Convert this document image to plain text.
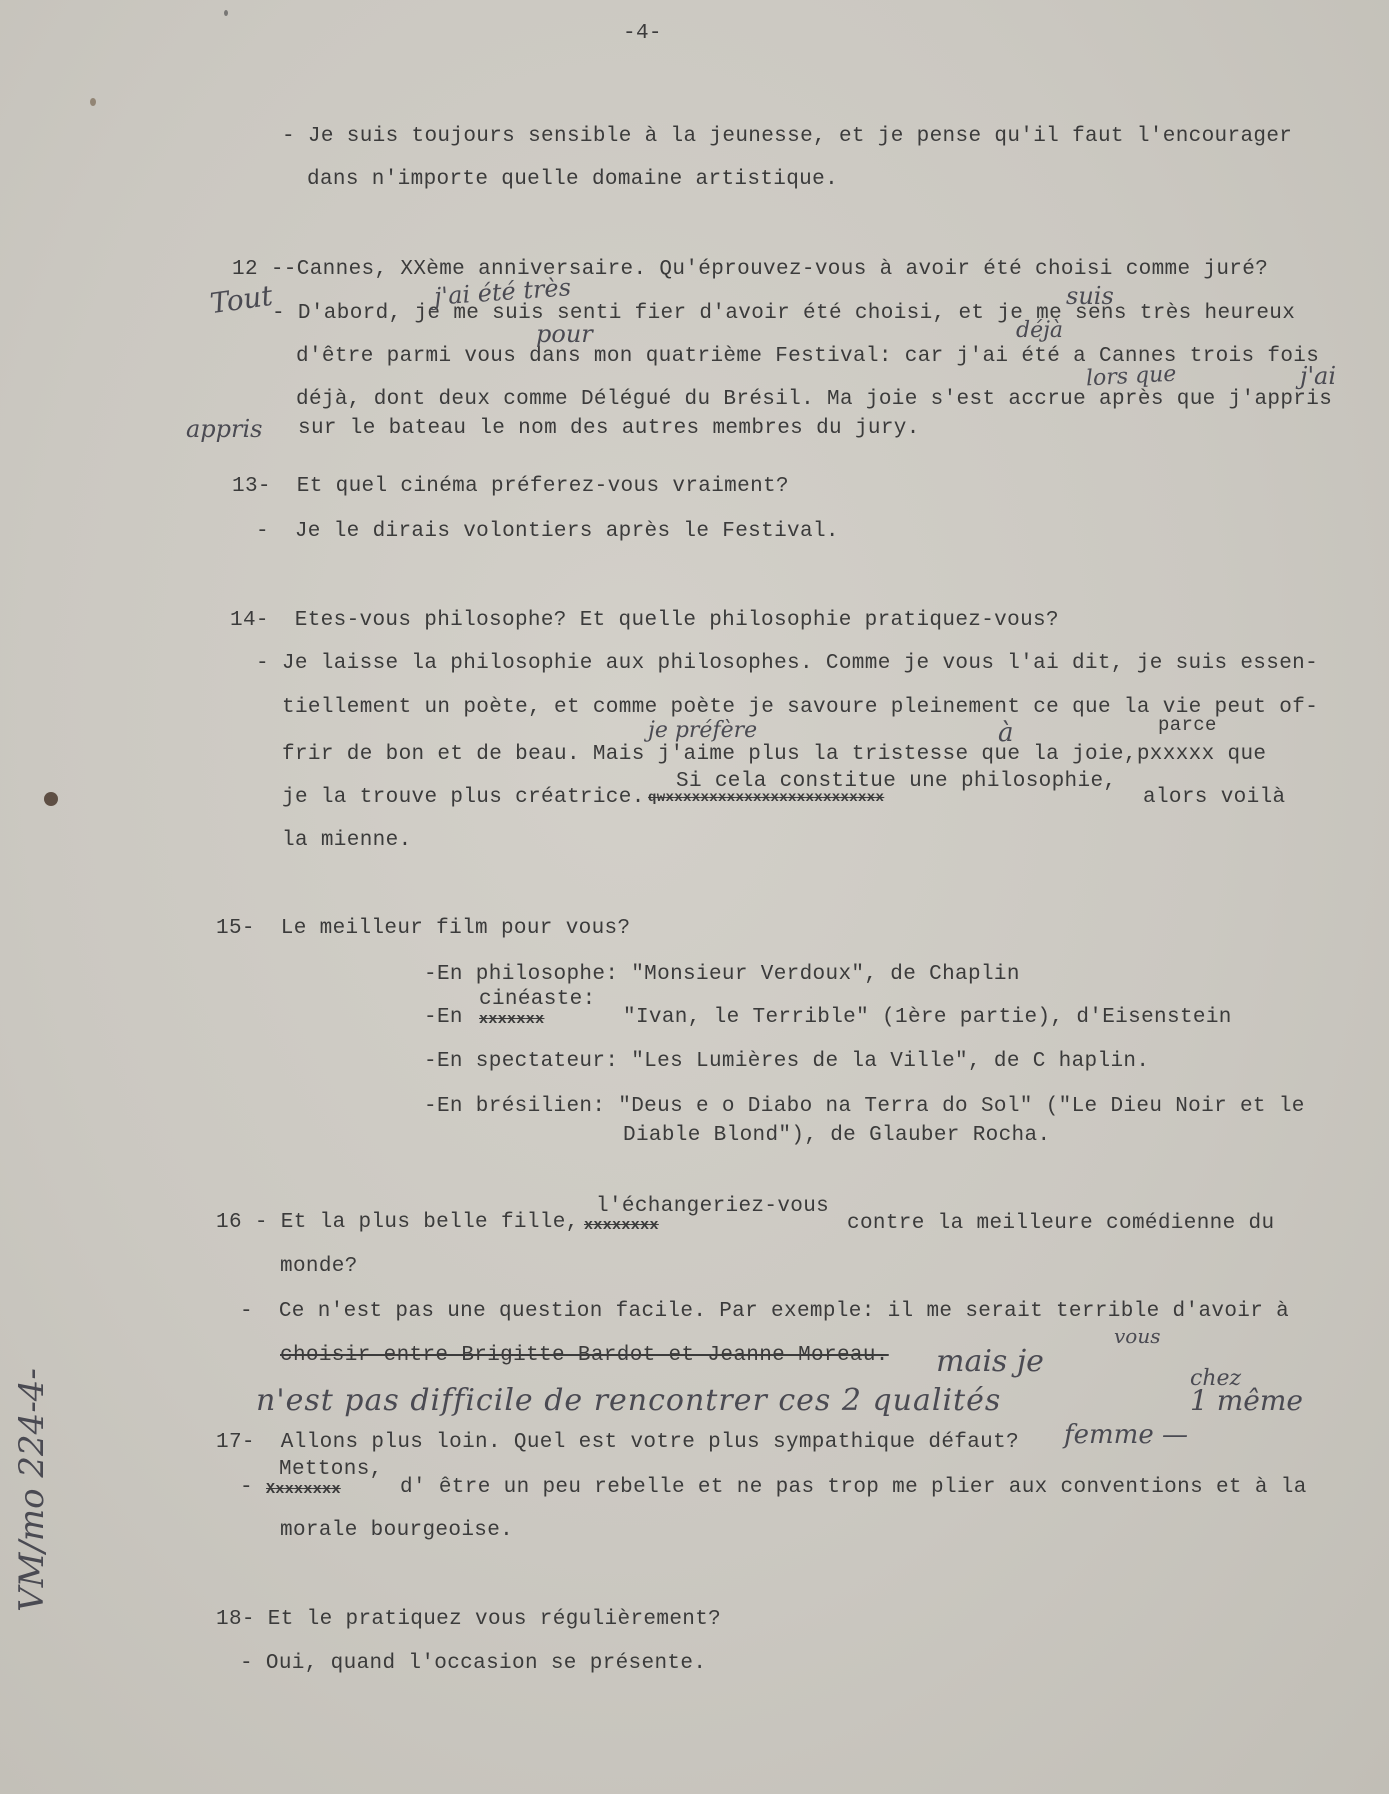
-4-
- Je suis toujours sensible à la jeunesse, et je pense qu'il faut l'encourager
dans n'importe quelle domaine artistique.
12 --Cannes, XXème anniversaire. Qu'éprouvez-vous à avoir été choisi comme juré?
- D'abord, je me suis senti fier d'avoir été choisi, et je me sens très heureux
d'être parmi vous dans mon quatrième Festival: car j'ai été a Cannes trois fois
déjà, dont deux comme Délégué du Brésil. Ma joie s'est accrue après que j'appris
sur le bateau le nom des autres membres du jury.
13-  Et quel cinéma préferez-vous vraiment?
-  Je le dirais volontiers après le Festival.
14-  Etes-vous philosophe? Et quelle philosophie pratiquez-vous?
- Je laisse la philosophie aux philosophes. Comme je vous l'ai dit, je suis essen-
tiellement un poète, et comme poète je savoure pleinement ce que la vie peut of-
parce
frir de bon et de beau. Mais j'aime plus la tristesse que la joie,pxxxxx que
Si cela constitue une philosophie,
je la trouve plus créatrice. qwxxxxxxxxxxxxxxxxxxxxxxxxx	alors voilà
la mienne.
15-  Le meilleur film pour vous?
-En philosophe: "Monsieur Verdoux", de Chaplin
cinéaste:
-En xxxxxxx	"Ivan, le Terrible" (1ère partie), d'Eisenstein
-En spectateur: "Les Lumières de la Ville", de C haplin.
-En brésilien: "Deus e o Diabo na Terra do Sol" ("Le Dieu Noir et le
Diable Blond"), de Glauber Rocha.
16 - Et la plus belle fille,
l'échangeriez-vous
xxxxxxxx	contre la meilleure comédienne du
monde?
-  Ce n'est pas une question facile. Par exemple: il me serait terrible d'avoir à
choisir entre Brigitte Bardot et Jeanne Moreau.
17-  Allons plus loin. Quel est votre plus sympathique défaut?
Mettons,
- Xxxxxxxx	d' être un peu rebelle et ne pas trop me plier aux conventions et à la
morale bourgeoise.
18- Et le pratiquez vous régulièrement?
- Oui, quand l'occasion se présente.
Tout	j'ai été très	suis
pour	déjà
lors que	j'ai
appris
je préfère	à
mais je
vous
chez
n'est pas difficile de rencontrer ces 2 qualités	1 même
femme —
VM/mo 224-4-
